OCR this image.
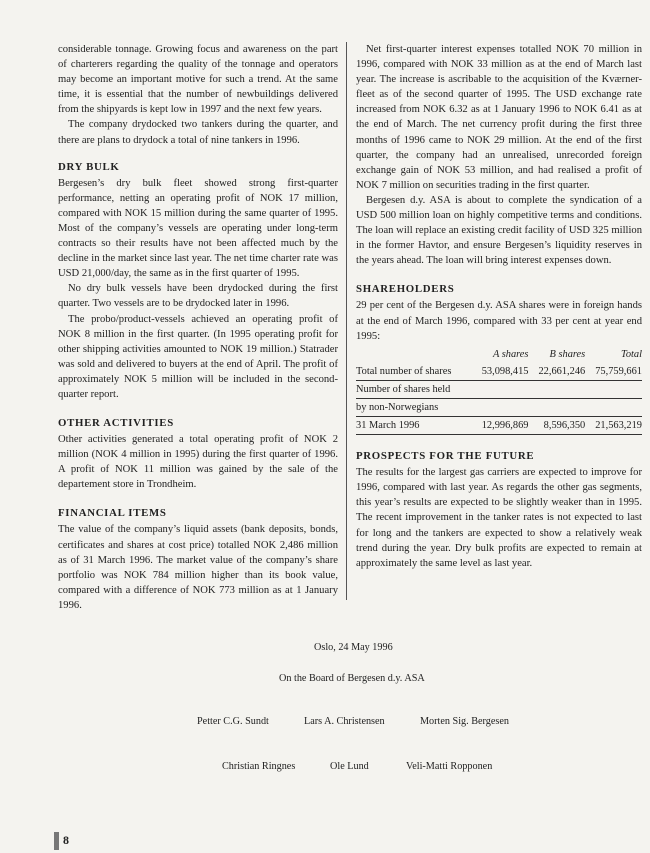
considerable tonnage. Growing focus and awareness on the part of charterers regarding the quality of the tonnage and operators may become an important motive for such a trend. At the same time, it is essential that the number of newbuildings delivered from the shipyards is kept low in 1997 and the next few years.

The company drydocked two tankers during the quarter, and there are plans to drydock a total of nine tankers in 1996.

DRY BULK

Bergesen’s dry bulk fleet showed strong first-quarter performance, netting an operating profit of NOK 17 million, compared with NOK 15 million during the same quarter of 1995. Most of the company’s vessels are operating under long-term contracts so their results have not been affected much by the decline in the market since last year. The net time charter rate was USD 21,000/day, the same as in the first quarter of 1995.

No dry bulk vessels have been drydocked during the first quarter. Two vessels are to be drydocked later in 1996.

The probo/product-vessels achieved an operating profit of NOK 8 million in the first quarter. (In 1995 operating profit for other shipping activities amounted to NOK 19 million.) Statrader was sold and delivered to buyers at the end of April. The profit of approximately NOK 5 million will be included in the second-quarter report.

OTHER ACTIVITIES

Other activities generated a total operating profit of NOK 2 million (NOK 4 million in 1995) during the first quarter of 1996. A profit of NOK 11 million was gained by the sale of the departement store in Trondheim.

FINANCIAL ITEMS

The value of the company’s liquid assets (bank deposits, bonds, certificates and shares at cost price) totalled NOK 2,486 million as of 31 March 1996. The market value of the company’s share portfolio was NOK 784 million higher than its book value, compared with a difference of NOK 773 million as at 1 January 1996.

Net first-quarter interest expenses totalled NOK 70 million in 1996, compared with NOK 33 million as at the end of March last year. The increase is ascribable to the acquisition of the Kværner-fleet as of the second quarter of 1995. The USD exchange rate increased from NOK 6.32 as at 1 January 1996 to NOK 6.41 as at the end of March. The net currency profit during the first three months of 1996 came to NOK 29 million. At the end of the first quarter, the company had an unrealised, unrecorded foreign exchange gain of NOK 53 million, and had realised a profit of NOK 7 million on securities trading in the first quarter.

Bergesen d.y. ASA is about to complete the syndication of a USD 500 million loan on highly competitive terms and conditions. The loan will replace an existing credit facility of USD 325 million in the former Havtor, and ensure Bergesen’s liquidity reserves in the years ahead. The loan will bring interest expenses down.

SHAREHOLDERS

29 per cent of the Bergesen d.y. ASA shares were in foreign hands at the end of March 1996, compared with 33 per cent at year end 1995:

	A shares	B shares	Total
Total number of shares	53,098,415	22,661,246	75,759,661
Number of shares held			
by non-Norwegians			
31 March 1996	12,996,869	8,596,350	21,563,219
PROSPECTS FOR THE FUTURE

The results for the largest gas carriers are expected to improve for 1996, compared with last year. As regards the other gas segments, this year’s results are expected to be slightly weaker than in 1995. The recent improvement in the tanker rates is not expected to last for long and the tankers are expected to show a relatively weak trend during the year. Dry bulk profits are expected to remain at approximately the same level as last year.

Oslo, 24 May 1996
On the Board of Bergesen d.y. ASA
Petter C.G. Sundt	Lars A. Christensen	Morten Sig. Bergesen
Christian Ringnes	Ole Lund	Veli-Matti Ropponen
8
